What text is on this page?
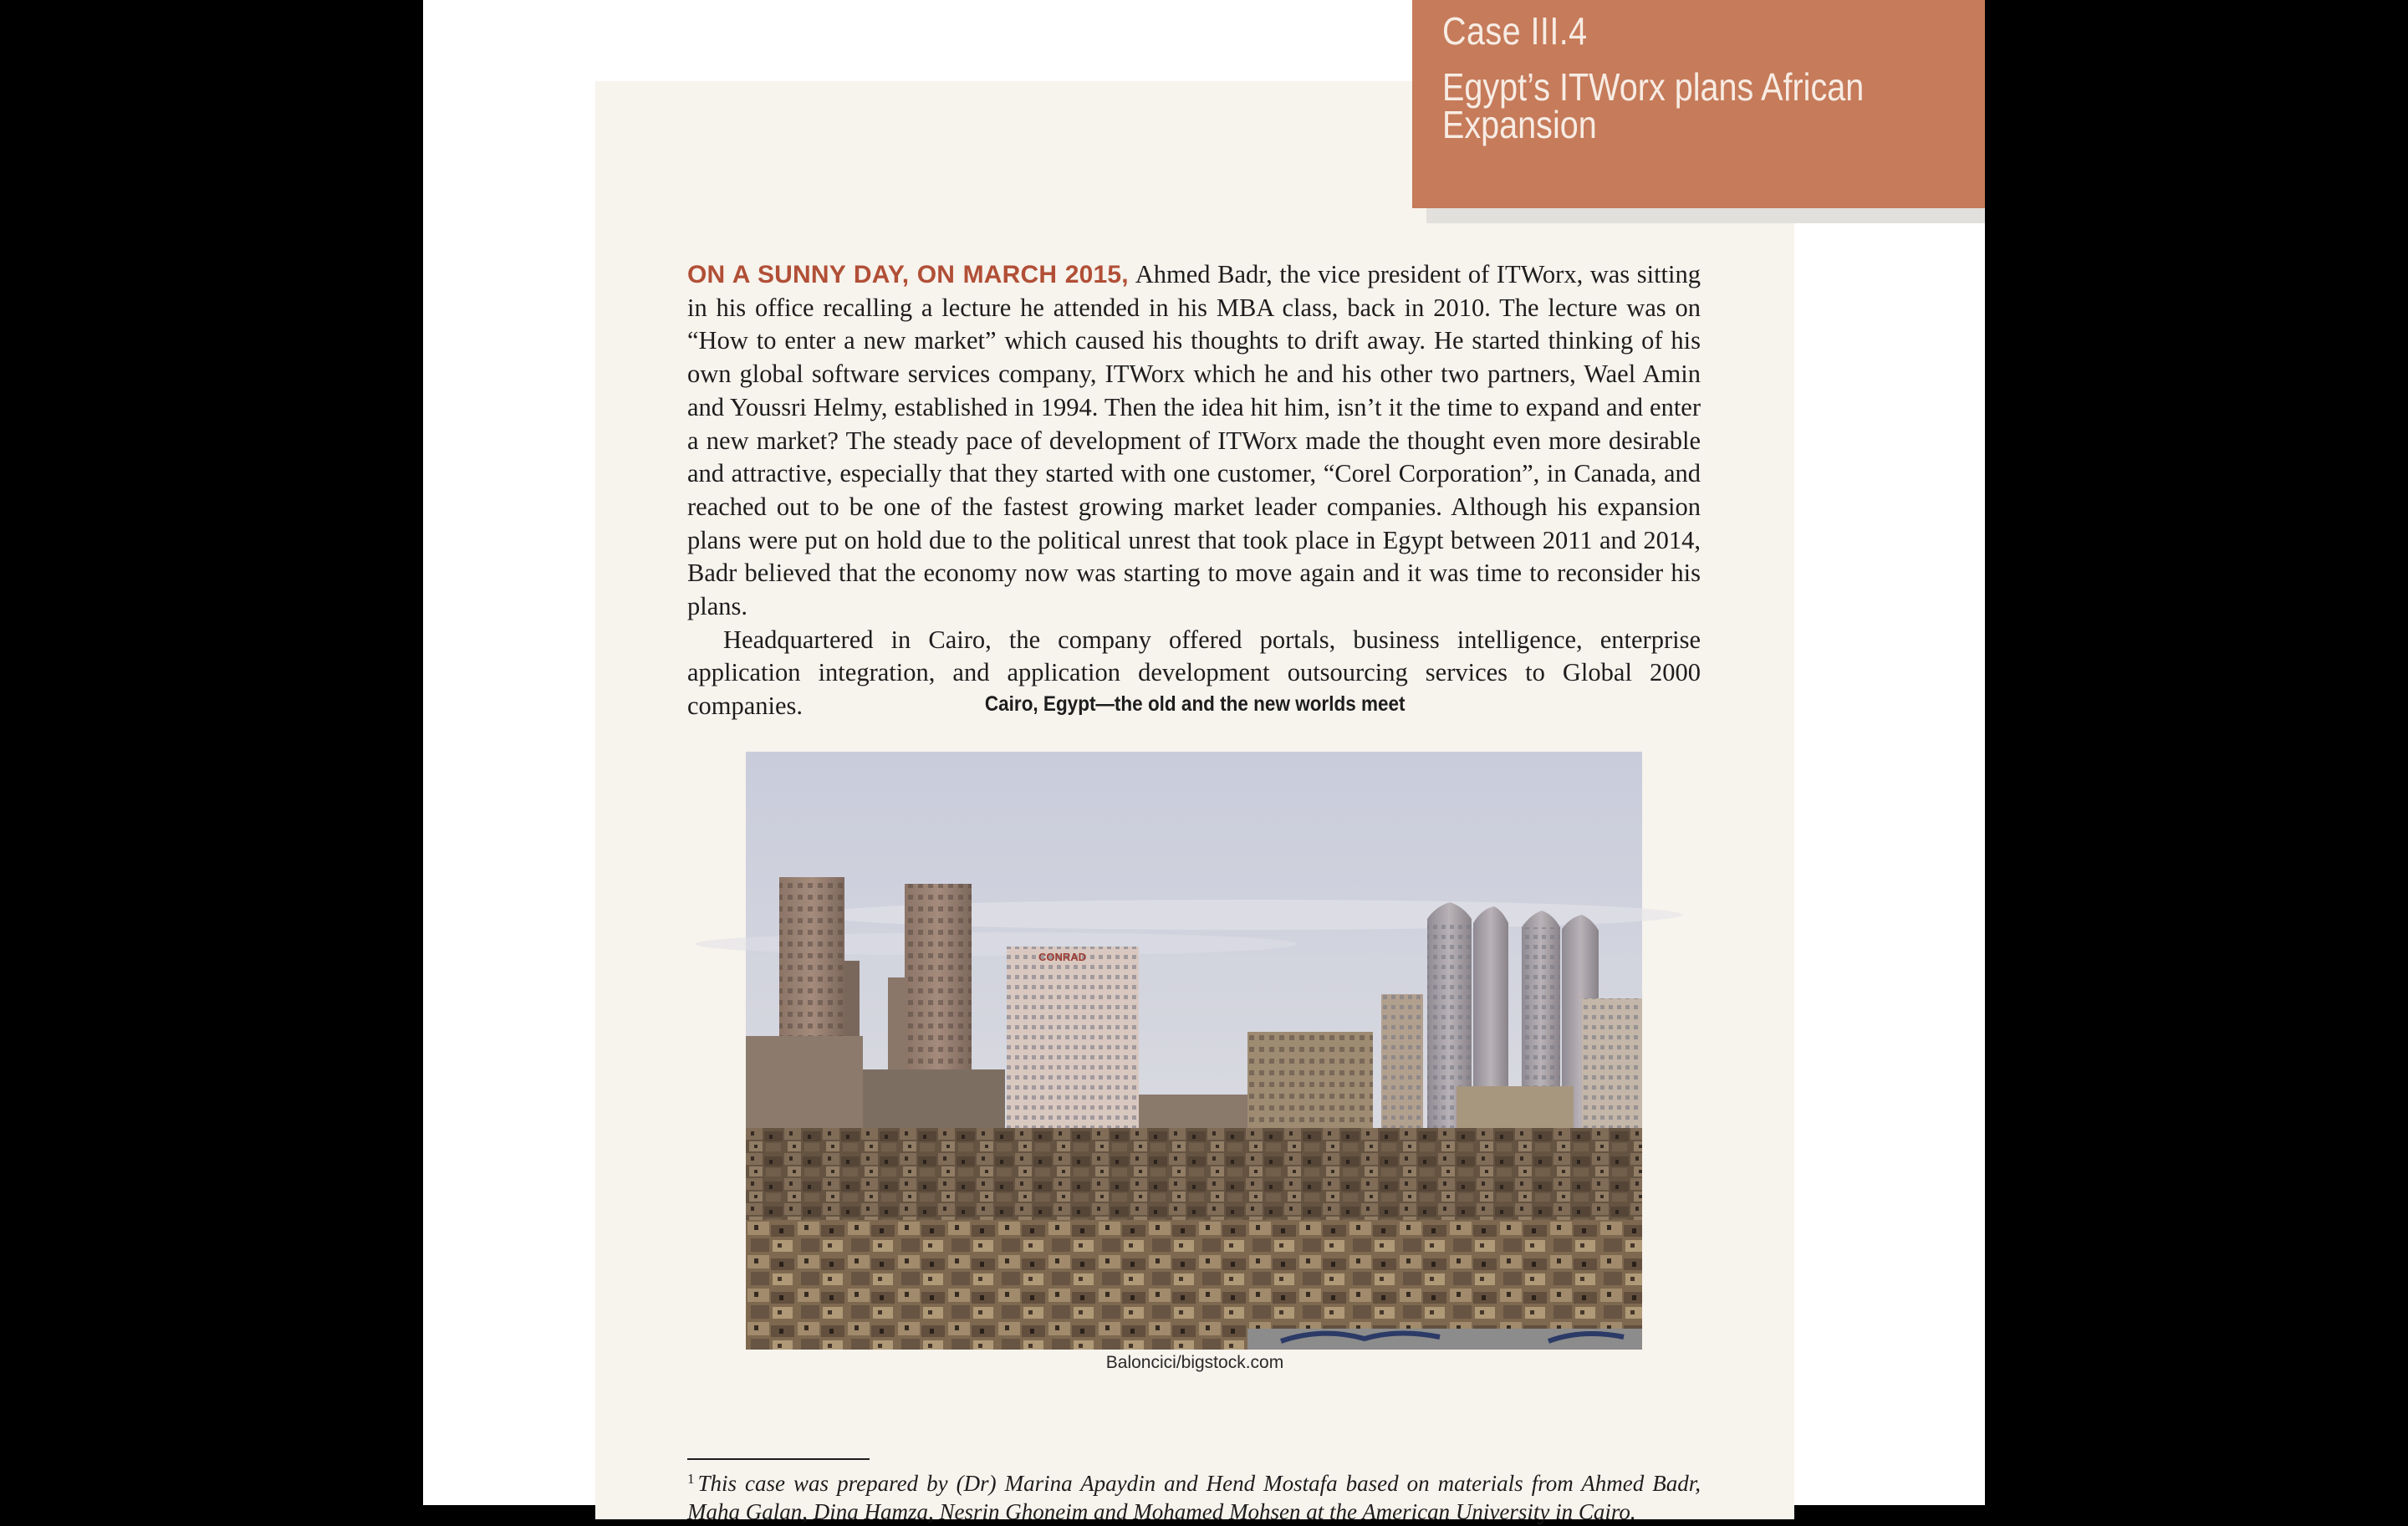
Case III.4
Egypt’s ITWorx plans African Expansion

ON A SUNNY DAY, ON MARCH 2015, Ahmed Badr, the vice president of ITWorx, was sitting in his office recalling a lecture he attended in his MBA class, back in 2010. The lecture was on “How to enter a new market” which caused his thoughts to drift away. He started thinking of his own global software services company, ITWorx which he and his other two partners, Wael Amin and Youssri Helmy, established in 1994. Then the idea hit him, isn’t it the time to expand and enter a new market? The steady pace of development of ITWorx made the thought even more desirable and attractive, especially that they started with one customer, “Corel Corporation”, in Canada, and reached out to be one of the fastest growing market leader companies. Although his expansion plans were put on hold due to the political unrest that took place in Egypt between 2011 and 2014, Badr believed that the economy now was starting to move again and it was time to reconsider his plans.

Headquartered in Cairo, the company offered portals, business intelligence, enterprise application integration, and application development outsourcing services to Global 2000 companies.	Cairo, Egypt—the old and the new worlds meet
CONRAD
Baloncici/bigstock.com
$^1$ This case was prepared by (Dr) Marina Apaydin and Hend Mostafa based on materials from Ahmed Badr, Maha Galan, Dina Hamza, Nesrin Ghoneim and Mohamed Mohsen at the American University in Cairo.
